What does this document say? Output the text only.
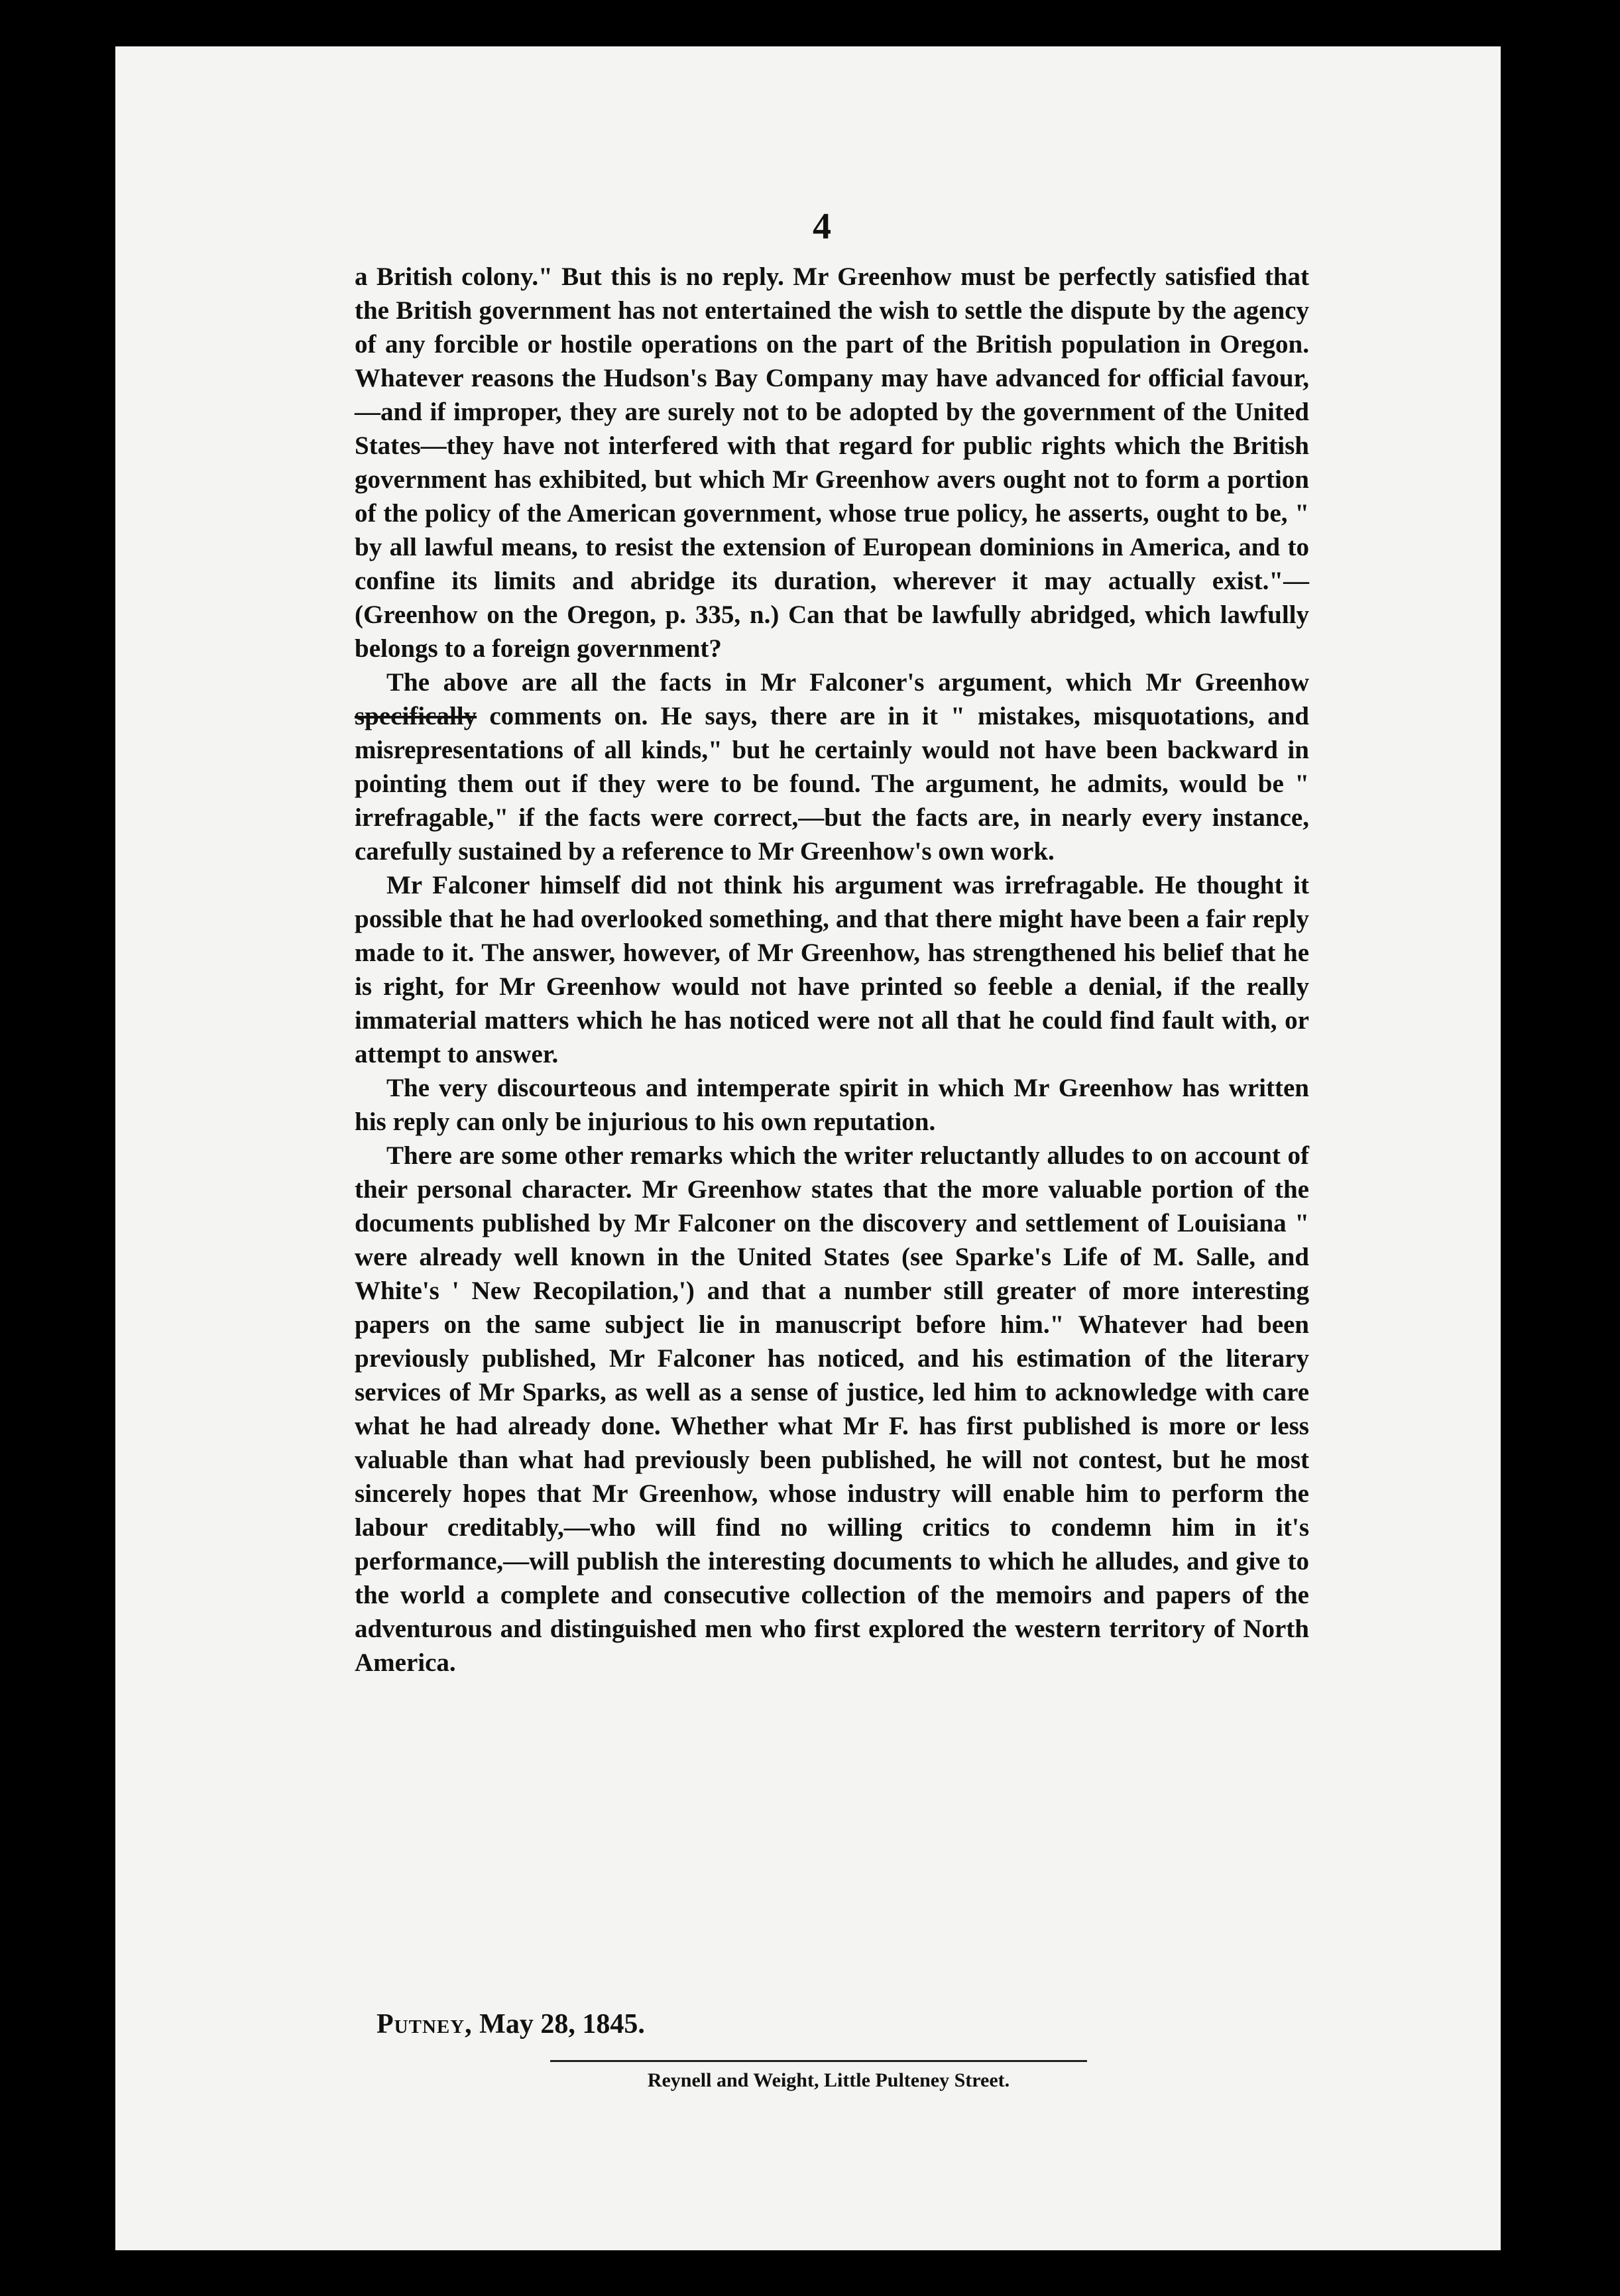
4

a British colony." But this is no reply. Mr Greenhow must be perfectly satisfied that the British government has not entertained the wish to settle the dispute by the agency of any forcible or hostile operations on the part of the British population in Oregon. Whatever reasons the Hudson's Bay Company may have advanced for official favour,—and if improper, they are surely not to be adopted by the government of the United States—they have not interfered with that regard for public rights which the British government has exhibited, but which Mr Greenhow avers ought not to form a portion of the policy of the American government, whose true policy, he asserts, ought to be, " by all lawful means, to resist the extension of European dominions in America, and to confine its limits and abridge its duration, wherever it may actually exist."—(Greenhow on the Oregon, p. 335, n.) Can that be lawfully abridged, which lawfully belongs to a foreign government?

The above are all the facts in Mr Falconer's argument, which Mr Greenhow specifically comments on. He says, there are in it " mistakes, misquotations, and misrepresentations of all kinds," but he certainly would not have been backward in pointing them out if they were to be found. The argument, he admits, would be " irrefragable," if the facts were correct,—but the facts are, in nearly every instance, carefully sustained by a reference to Mr Greenhow's own work.

Mr Falconer himself did not think his argument was irrefragable. He thought it possible that he had overlooked something, and that there might have been a fair reply made to it. The answer, however, of Mr Greenhow, has strengthened his belief that he is right, for Mr Greenhow would not have printed so feeble a denial, if the really immaterial matters which he has noticed were not all that he could find fault with, or attempt to answer.

The very discourteous and intemperate spirit in which Mr Greenhow has written his reply can only be injurious to his own reputation.

There are some other remarks which the writer reluctantly alludes to on account of their personal character. Mr Greenhow states that the more valuable portion of the documents published by Mr Falconer on the discovery and settlement of Louisiana " were already well known in the United States (see Sparke's Life of M. Salle, and White's ' New Recopilation,') and that a number still greater of more interesting papers on the same subject lie in manuscript before him." Whatever had been previously published, Mr Falconer has noticed, and his estimation of the literary services of Mr Sparks, as well as a sense of justice, led him to acknowledge with care what he had already done. Whether what Mr F. has first published is more or less valuable than what had previously been published, he will not contest, but he most sincerely hopes that Mr Greenhow, whose industry will enable him to perform the labour creditably,—who will find no willing critics to condemn him in it's performance,—will publish the interesting documents to which he alludes, and give to the world a complete and consecutive collection of the memoirs and papers of the adventurous and distinguished men who first explored the western territory of North America.

Putney, May 28, 1845.
Reynell and Weight, Little Pulteney Street.
